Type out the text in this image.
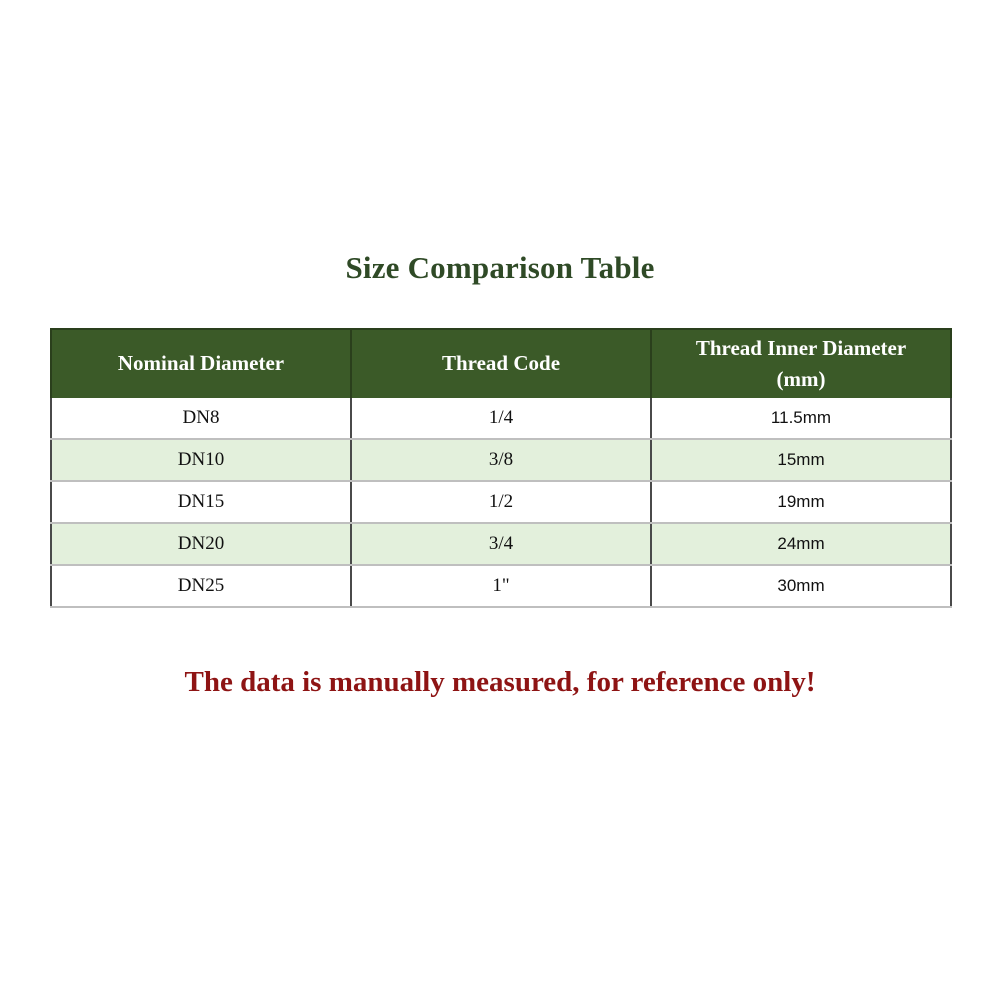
Size Comparison Table
Nominal Diameter	Thread Code	Thread Inner Diameter
(mm)
DN8	1/4	11.5mm
DN10	3/8	15mm
DN15	1/2	19mm
DN20	3/4	24mm
DN25	1"	30mm
The data is manually measured, for reference only!
